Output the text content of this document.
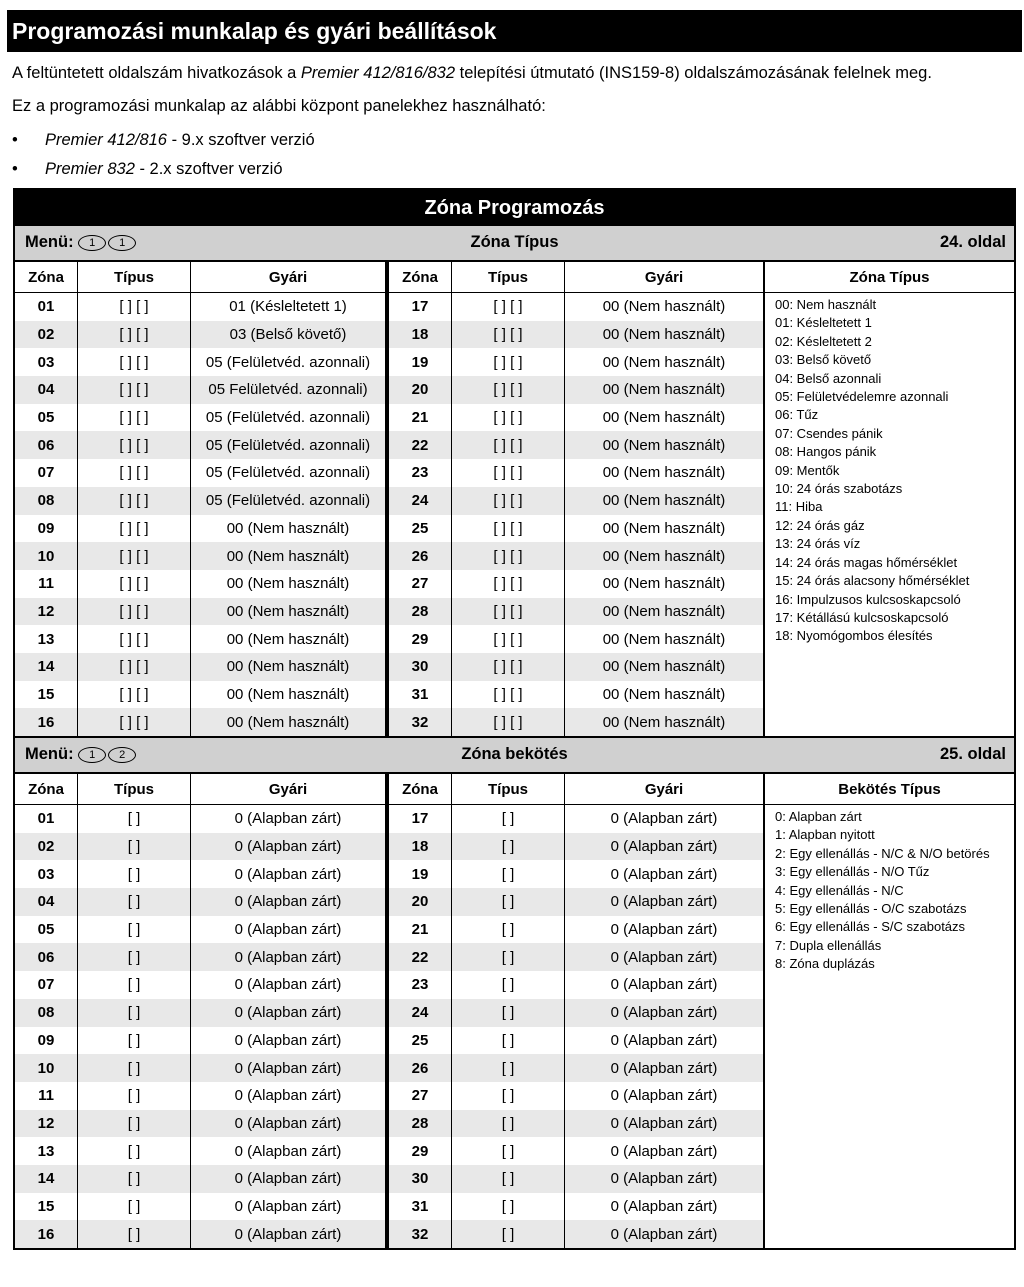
Programozási munkalap és gyári beállítások
A feltüntetett oldalszám hivatkozások a Premier 412/816/832 telepítési útmutató (INS159-8) oldalszámozásának felelnek meg.
Ez a programozási munkalap az alábbi központ panelekhez használható:
• Premier 412/816 - 9.x szoftver verzió
• Premier 832 - 2.x szoftver verzió
Zóna Programozás
Zóna Típus
Menü: 1 1	24. oldal
Zóna	Típus	Gyári
01	[ ] [ ]	01 (Késleltetett 1)
02	[ ] [ ]	03 (Belső követő)
03	[ ] [ ]	05 (Felületvéd. azonnali)
04	[ ] [ ]	05 Felületvéd. azonnali)
05	[ ] [ ]	05 (Felületvéd. azonnali)
06	[ ] [ ]	05 (Felületvéd. azonnali)
07	[ ] [ ]	05 (Felületvéd. azonnali)
08	[ ] [ ]	05 (Felületvéd. azonnali)
09	[ ] [ ]	00 (Nem használt)
10	[ ] [ ]	00 (Nem használt)
11	[ ] [ ]	00 (Nem használt)
12	[ ] [ ]	00 (Nem használt)
13	[ ] [ ]	00 (Nem használt)
14	[ ] [ ]	00 (Nem használt)
15	[ ] [ ]	00 (Nem használt)
16	[ ] [ ]	00 (Nem használt)
Zóna	Típus	Gyári
17	[ ] [ ]	00 (Nem használt)
18	[ ] [ ]	00 (Nem használt)
19	[ ] [ ]	00 (Nem használt)
20	[ ] [ ]	00 (Nem használt)
21	[ ] [ ]	00 (Nem használt)
22	[ ] [ ]	00 (Nem használt)
23	[ ] [ ]	00 (Nem használt)
24	[ ] [ ]	00 (Nem használt)
25	[ ] [ ]	00 (Nem használt)
26	[ ] [ ]	00 (Nem használt)
27	[ ] [ ]	00 (Nem használt)
28	[ ] [ ]	00 (Nem használt)
29	[ ] [ ]	00 (Nem használt)
30	[ ] [ ]	00 (Nem használt)
31	[ ] [ ]	00 (Nem használt)
32	[ ] [ ]	00 (Nem használt)
Zóna Típus
00: Nem használt
01: Késleltetett 1
02: Késleltetett 2
03: Belső követő
04: Belső azonnali
05: Felületvédelemre azonnali
06: Tűz
07: Csendes pánik
08: Hangos pánik
09: Mentők
10: 24 órás szabotázs
11: Hiba
12: 24 órás gáz
13: 24 órás víz
14: 24 órás magas hőmérséklet
15: 24 órás alacsony hőmérséklet
16: Impulzusos kulcsoskapcsoló
17: Kétállású kulcsoskapcsoló
18: Nyomógombos élesítés
Zóna bekötés
Menü: 1 2	25. oldal
Zóna	Típus	Gyári
01	[ ]	0 (Alapban zárt)
02	[ ]	0 (Alapban zárt)
03	[ ]	0 (Alapban zárt)
04	[ ]	0 (Alapban zárt)
05	[ ]	0 (Alapban zárt)
06	[ ]	0 (Alapban zárt)
07	[ ]	0 (Alapban zárt)
08	[ ]	0 (Alapban zárt)
09	[ ]	0 (Alapban zárt)
10	[ ]	0 (Alapban zárt)
11	[ ]	0 (Alapban zárt)
12	[ ]	0 (Alapban zárt)
13	[ ]	0 (Alapban zárt)
14	[ ]	0 (Alapban zárt)
15	[ ]	0 (Alapban zárt)
16	[ ]	0 (Alapban zárt)
Zóna	Típus	Gyári
17	[ ]	0 (Alapban zárt)
18	[ ]	0 (Alapban zárt)
19	[ ]	0 (Alapban zárt)
20	[ ]	0 (Alapban zárt)
21	[ ]	0 (Alapban zárt)
22	[ ]	0 (Alapban zárt)
23	[ ]	0 (Alapban zárt)
24	[ ]	0 (Alapban zárt)
25	[ ]	0 (Alapban zárt)
26	[ ]	0 (Alapban zárt)
27	[ ]	0 (Alapban zárt)
28	[ ]	0 (Alapban zárt)
29	[ ]	0 (Alapban zárt)
30	[ ]	0 (Alapban zárt)
31	[ ]	0 (Alapban zárt)
32	[ ]	0 (Alapban zárt)
Bekötés Típus
0: Alapban zárt
1: Alapban nyitott
2: Egy ellenállás - N/C & N/O betörés
3: Egy ellenállás - N/O Tűz
4: Egy ellenállás - N/C
5: Egy ellenállás - O/C szabotázs
6: Egy ellenállás - S/C szabotázs
7: Dupla ellenállás
8: Zóna duplázás
